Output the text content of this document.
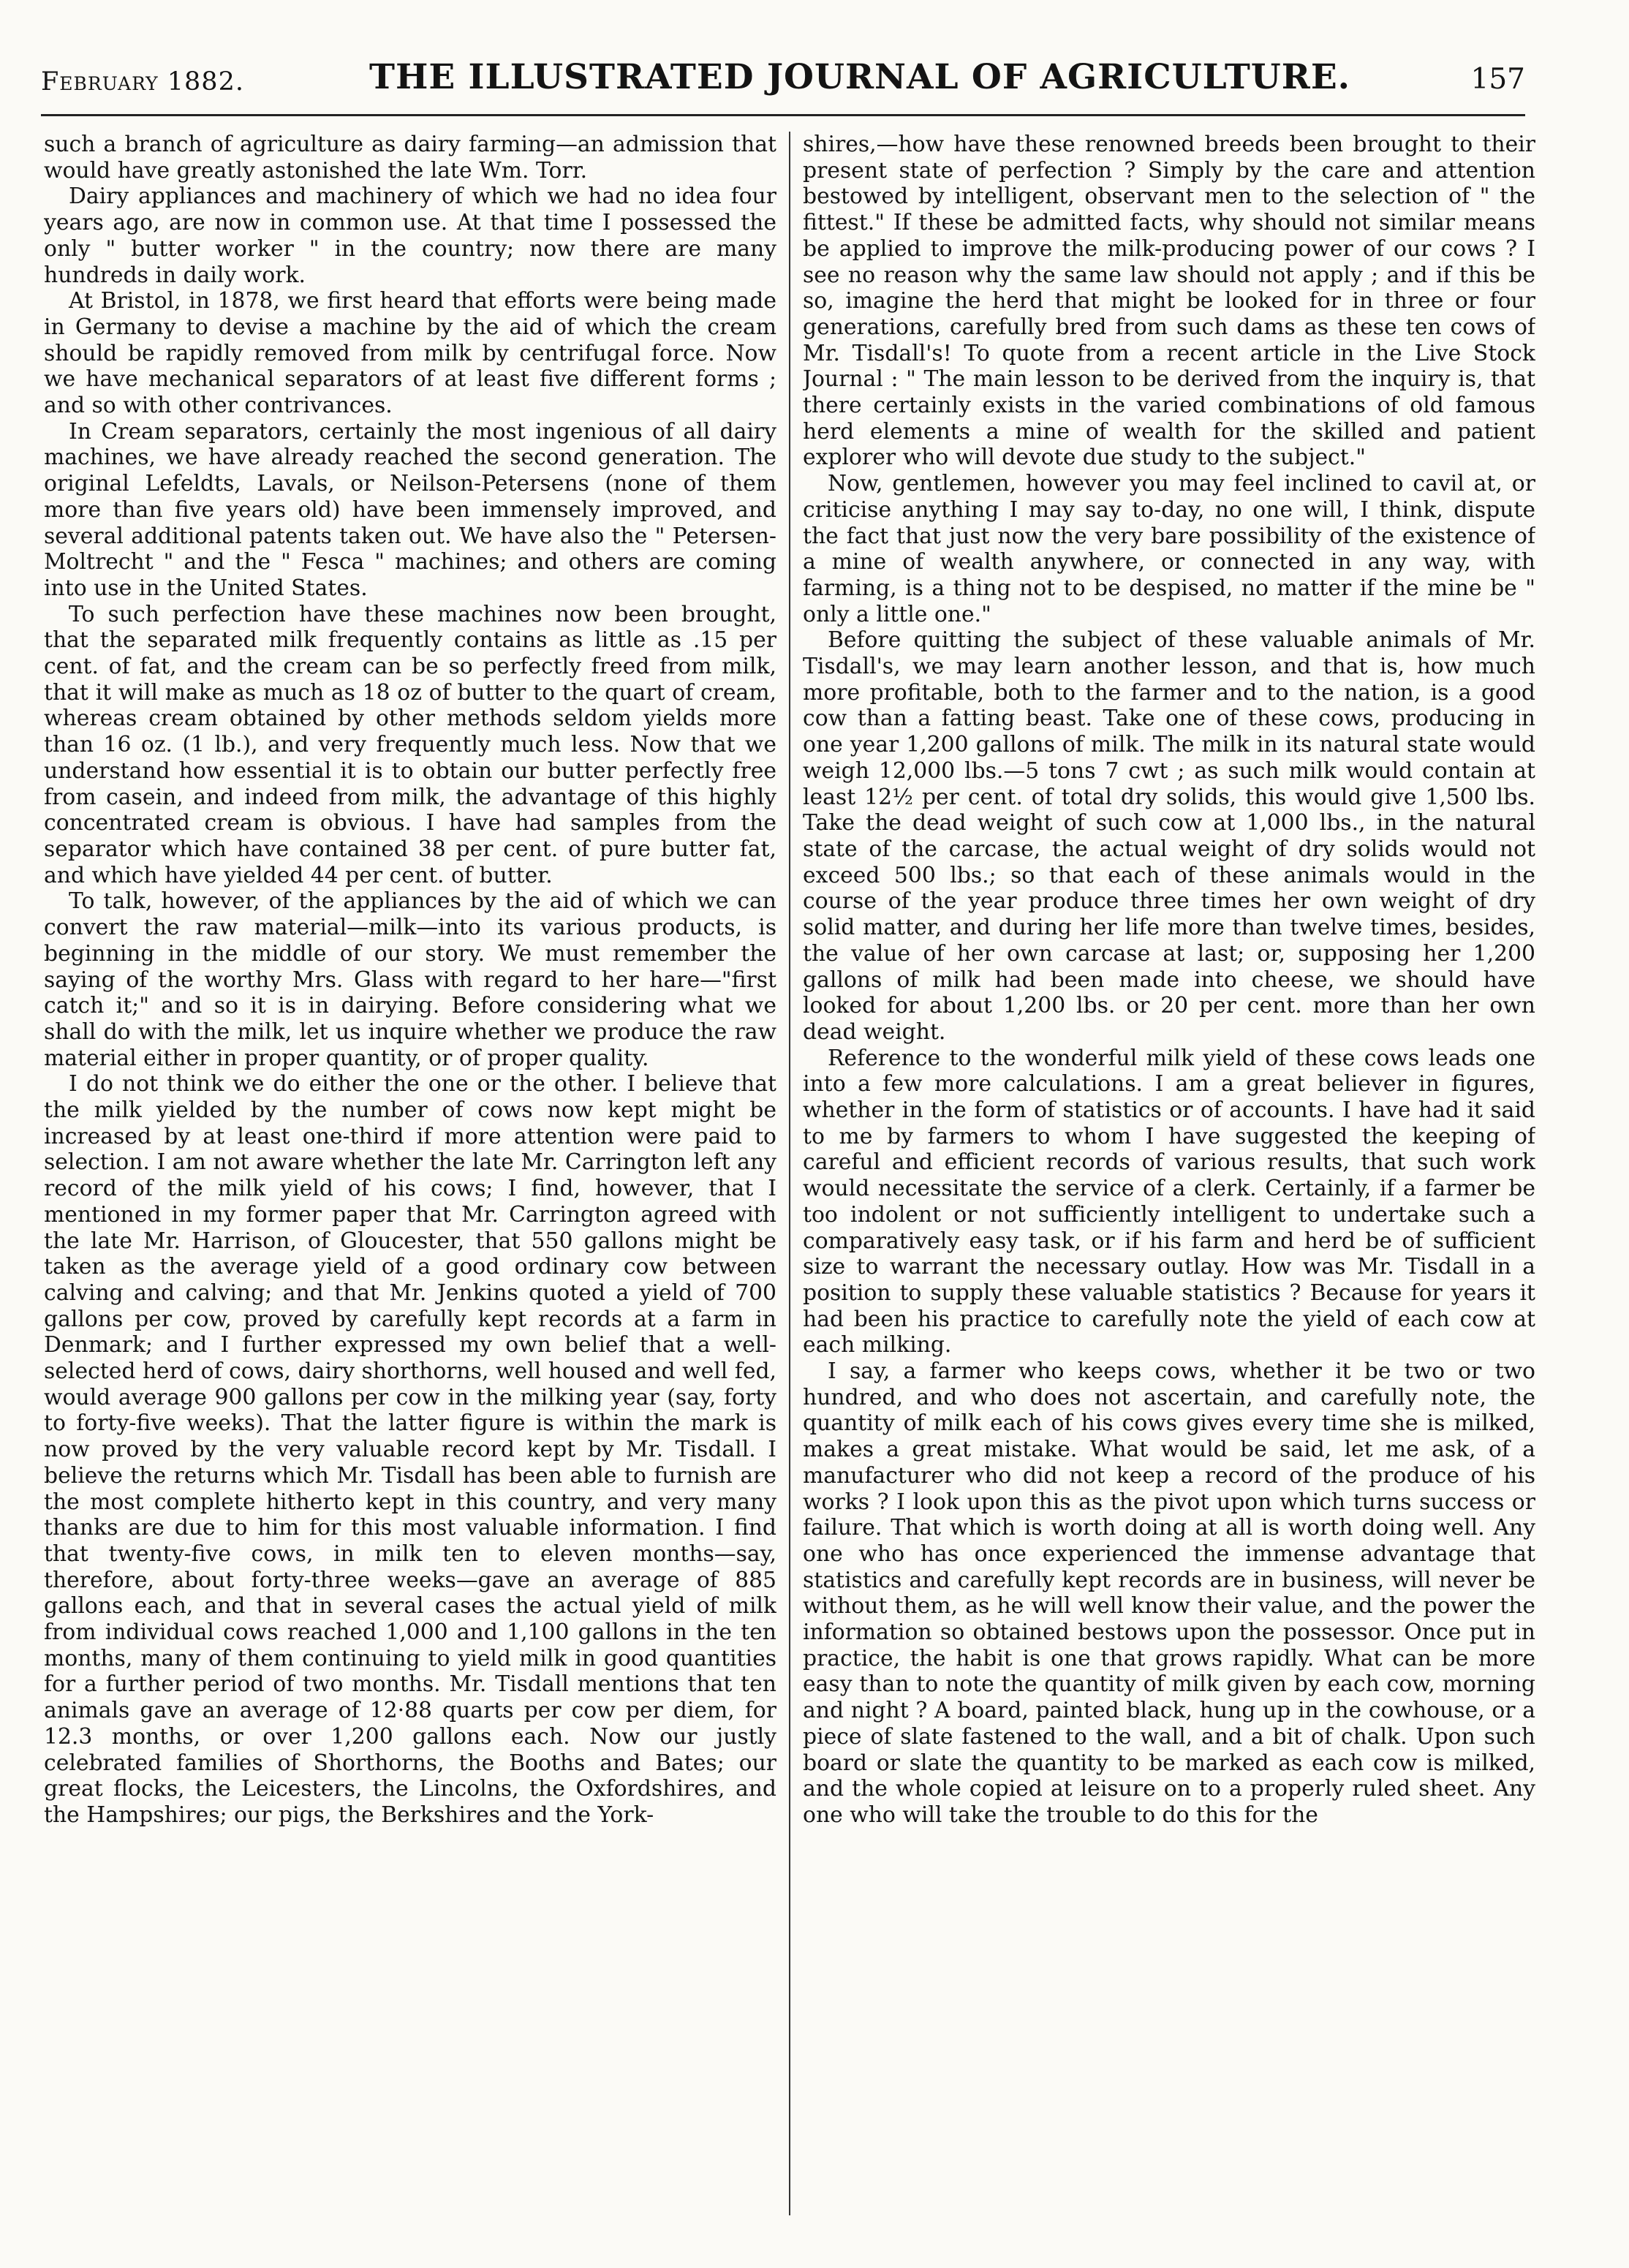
February 1882.	THE ILLUSTRATED JOURNAL OF AGRICULTURE.	157

such a branch of agriculture as dairy farming—an admission that would have greatly astonished the late Wm. Torr.

Dairy appliances and machinery of which we had no idea four years ago, are now in common use. At that time I possessed the only " butter worker " in the country; now there are many hundreds in daily work.

At Bristol, in 1878, we first heard that efforts were being made in Germany to devise a machine by the aid of which the cream should be rapidly removed from milk by centrifugal force. Now we have mechanical separators of at least five different forms ; and so with other contrivances.

In Cream separators, certainly the most ingenious of all dairy machines, we have already reached the second generation. The original Lefeldts, Lavals, or Neilson-Petersens (none of them more than five years old) have been immensely improved, and several additional patents taken out. We have also the " Petersen-Moltrecht " and the " Fesca " machines; and others are coming into use in the United States.

To such perfection have these machines now been brought, that the separated milk frequently contains as little as .15 per cent. of fat, and the cream can be so perfectly freed from milk, that it will make as much as 18 oz of butter to the quart of cream, whereas cream obtained by other methods seldom yields more than 16 oz. (1 lb.), and very frequently much less. Now that we understand how essential it is to obtain our butter perfectly free from casein, and indeed from milk, the advantage of this highly concentrated cream is obvious. I have had samples from the separator which have contained 38 per cent. of pure butter fat, and which have yielded 44 per cent. of butter.

To talk, however, of the appliances by the aid of which we can convert the raw material—milk—into its various products, is beginning in the middle of our story. We must remember the saying of the worthy Mrs. Glass with regard to her hare—"first catch it;" and so it is in dairying. Before considering what we shall do with the milk, let us inquire whether we produce the raw material either in proper quantity, or of proper quality.

I do not think we do either the one or the other. I believe that the milk yielded by the number of cows now kept might be increased by at least one-third if more attention were paid to selection. I am not aware whether the late Mr. Carrington left any record of the milk yield of his cows; I find, however, that I mentioned in my former paper that Mr. Carrington agreed with the late Mr. Harrison, of Gloucester, that 550 gallons might be taken as the average yield of a good ordinary cow between calving and calving; and that Mr. Jenkins quoted a yield of 700 gallons per cow, proved by carefully kept records at a farm in Denmark; and I further expressed my own belief that a well-selected herd of cows, dairy shorthorns, well housed and well fed, would average 900 gallons per cow in the milking year (say, forty to forty-five weeks). That the latter figure is within the mark is now proved by the very valuable record kept by Mr. Tisdall. I believe the returns which Mr. Tisdall has been able to furnish are the most complete hitherto kept in this country, and very many thanks are due to him for this most valuable information. I find that twenty-five cows, in milk ten to eleven months—say, therefore, about forty-three weeks—gave an average of 885 gallons each, and that in several cases the actual yield of milk from individual cows reached 1,000 and 1,100 gallons in the ten months, many of them continuing to yield milk in good quantities for a further period of two months. Mr. Tisdall mentions that ten animals gave an average of 12·88 quarts per cow per diem, for 12.3 months, or over 1,200 gallons each. Now our justly celebrated families of Shorthorns, the Booths and Bates; our great flocks, the Leicesters, the Lincolns, the Oxfordshires, and the Hampshires; our pigs, the Berkshires and the York-

shires,—how have these renowned breeds been brought to their present state of perfection ? Simply by the care and attention bestowed by intelligent, observant men to the selection of " the fittest." If these be admitted facts, why should not similar means be applied to improve the milk-producing power of our cows ? I see no reason why the same law should not apply ; and if this be so, imagine the herd that might be looked for in three or four generations, carefully bred from such dams as these ten cows of Mr. Tisdall's! To quote from a recent article in the Live Stock Journal : " The main lesson to be derived from the inquiry is, that there certainly exists in the varied combinations of old famous herd elements a mine of wealth for the skilled and patient explorer who will devote due study to the subject."

Now, gentlemen, however you may feel inclined to cavil at, or criticise anything I may say to-day, no one will, I think, dispute the fact that just now the very bare possibility of the existence of a mine of wealth anywhere, or connected in any way, with farming, is a thing not to be despised, no matter if the mine be " only a little one."

Before quitting the subject of these valuable animals of Mr. Tisdall's, we may learn another lesson, and that is, how much more profitable, both to the farmer and to the nation, is a good cow than a fatting beast. Take one of these cows, producing in one year 1,200 gallons of milk. The milk in its natural state would weigh 12,000 lbs.—5 tons 7 cwt ; as such milk would contain at least 12½ per cent. of total dry solids, this would give 1,500 lbs. Take the dead weight of such cow at 1,000 lbs., in the natural state of the carcase, the actual weight of dry solids would not exceed 500 lbs.; so that each of these animals would in the course of the year produce three times her own weight of dry solid matter, and during her life more than twelve times, besides, the value of her own carcase at last; or, supposing her 1,200 gallons of milk had been made into cheese, we should have looked for about 1,200 lbs. or 20 per cent. more than her own dead weight.

Reference to the wonderful milk yield of these cows leads one into a few more calculations. I am a great believer in figures, whether in the form of statistics or of accounts. I have had it said to me by farmers to whom I have suggested the keeping of careful and efficient records of various results, that such work would necessitate the service of a clerk. Certainly, if a farmer be too indolent or not sufficiently intelligent to undertake such a comparatively easy task, or if his farm and herd be of sufficient size to warrant the necessary outlay. How was Mr. Tisdall in a position to supply these valuable statistics ? Because for years it had been his practice to carefully note the yield of each cow at each milking.

I say, a farmer who keeps cows, whether it be two or two hundred, and who does not ascertain, and carefully note, the quantity of milk each of his cows gives every time she is milked, makes a great mistake. What would be said, let me ask, of a manufacturer who did not keep a record of the produce of his works ? I look upon this as the pivot upon which turns success or failure. That which is worth doing at all is worth doing well. Any one who has once experienced the immense advantage that statistics and carefully kept records are in business, will never be without them, as he will well know their value, and the power the information so obtained bestows upon the possessor. Once put in practice, the habit is one that grows rapidly. What can be more easy than to note the quantity of milk given by each cow, morning and night ? A board, painted black, hung up in the cowhouse, or a piece of slate fastened to the wall, and a bit of chalk. Upon such board or slate the quantity to be marked as each cow is milked, and the whole copied at leisure on to a properly ruled sheet. Any one who will take the trouble to do this for the
